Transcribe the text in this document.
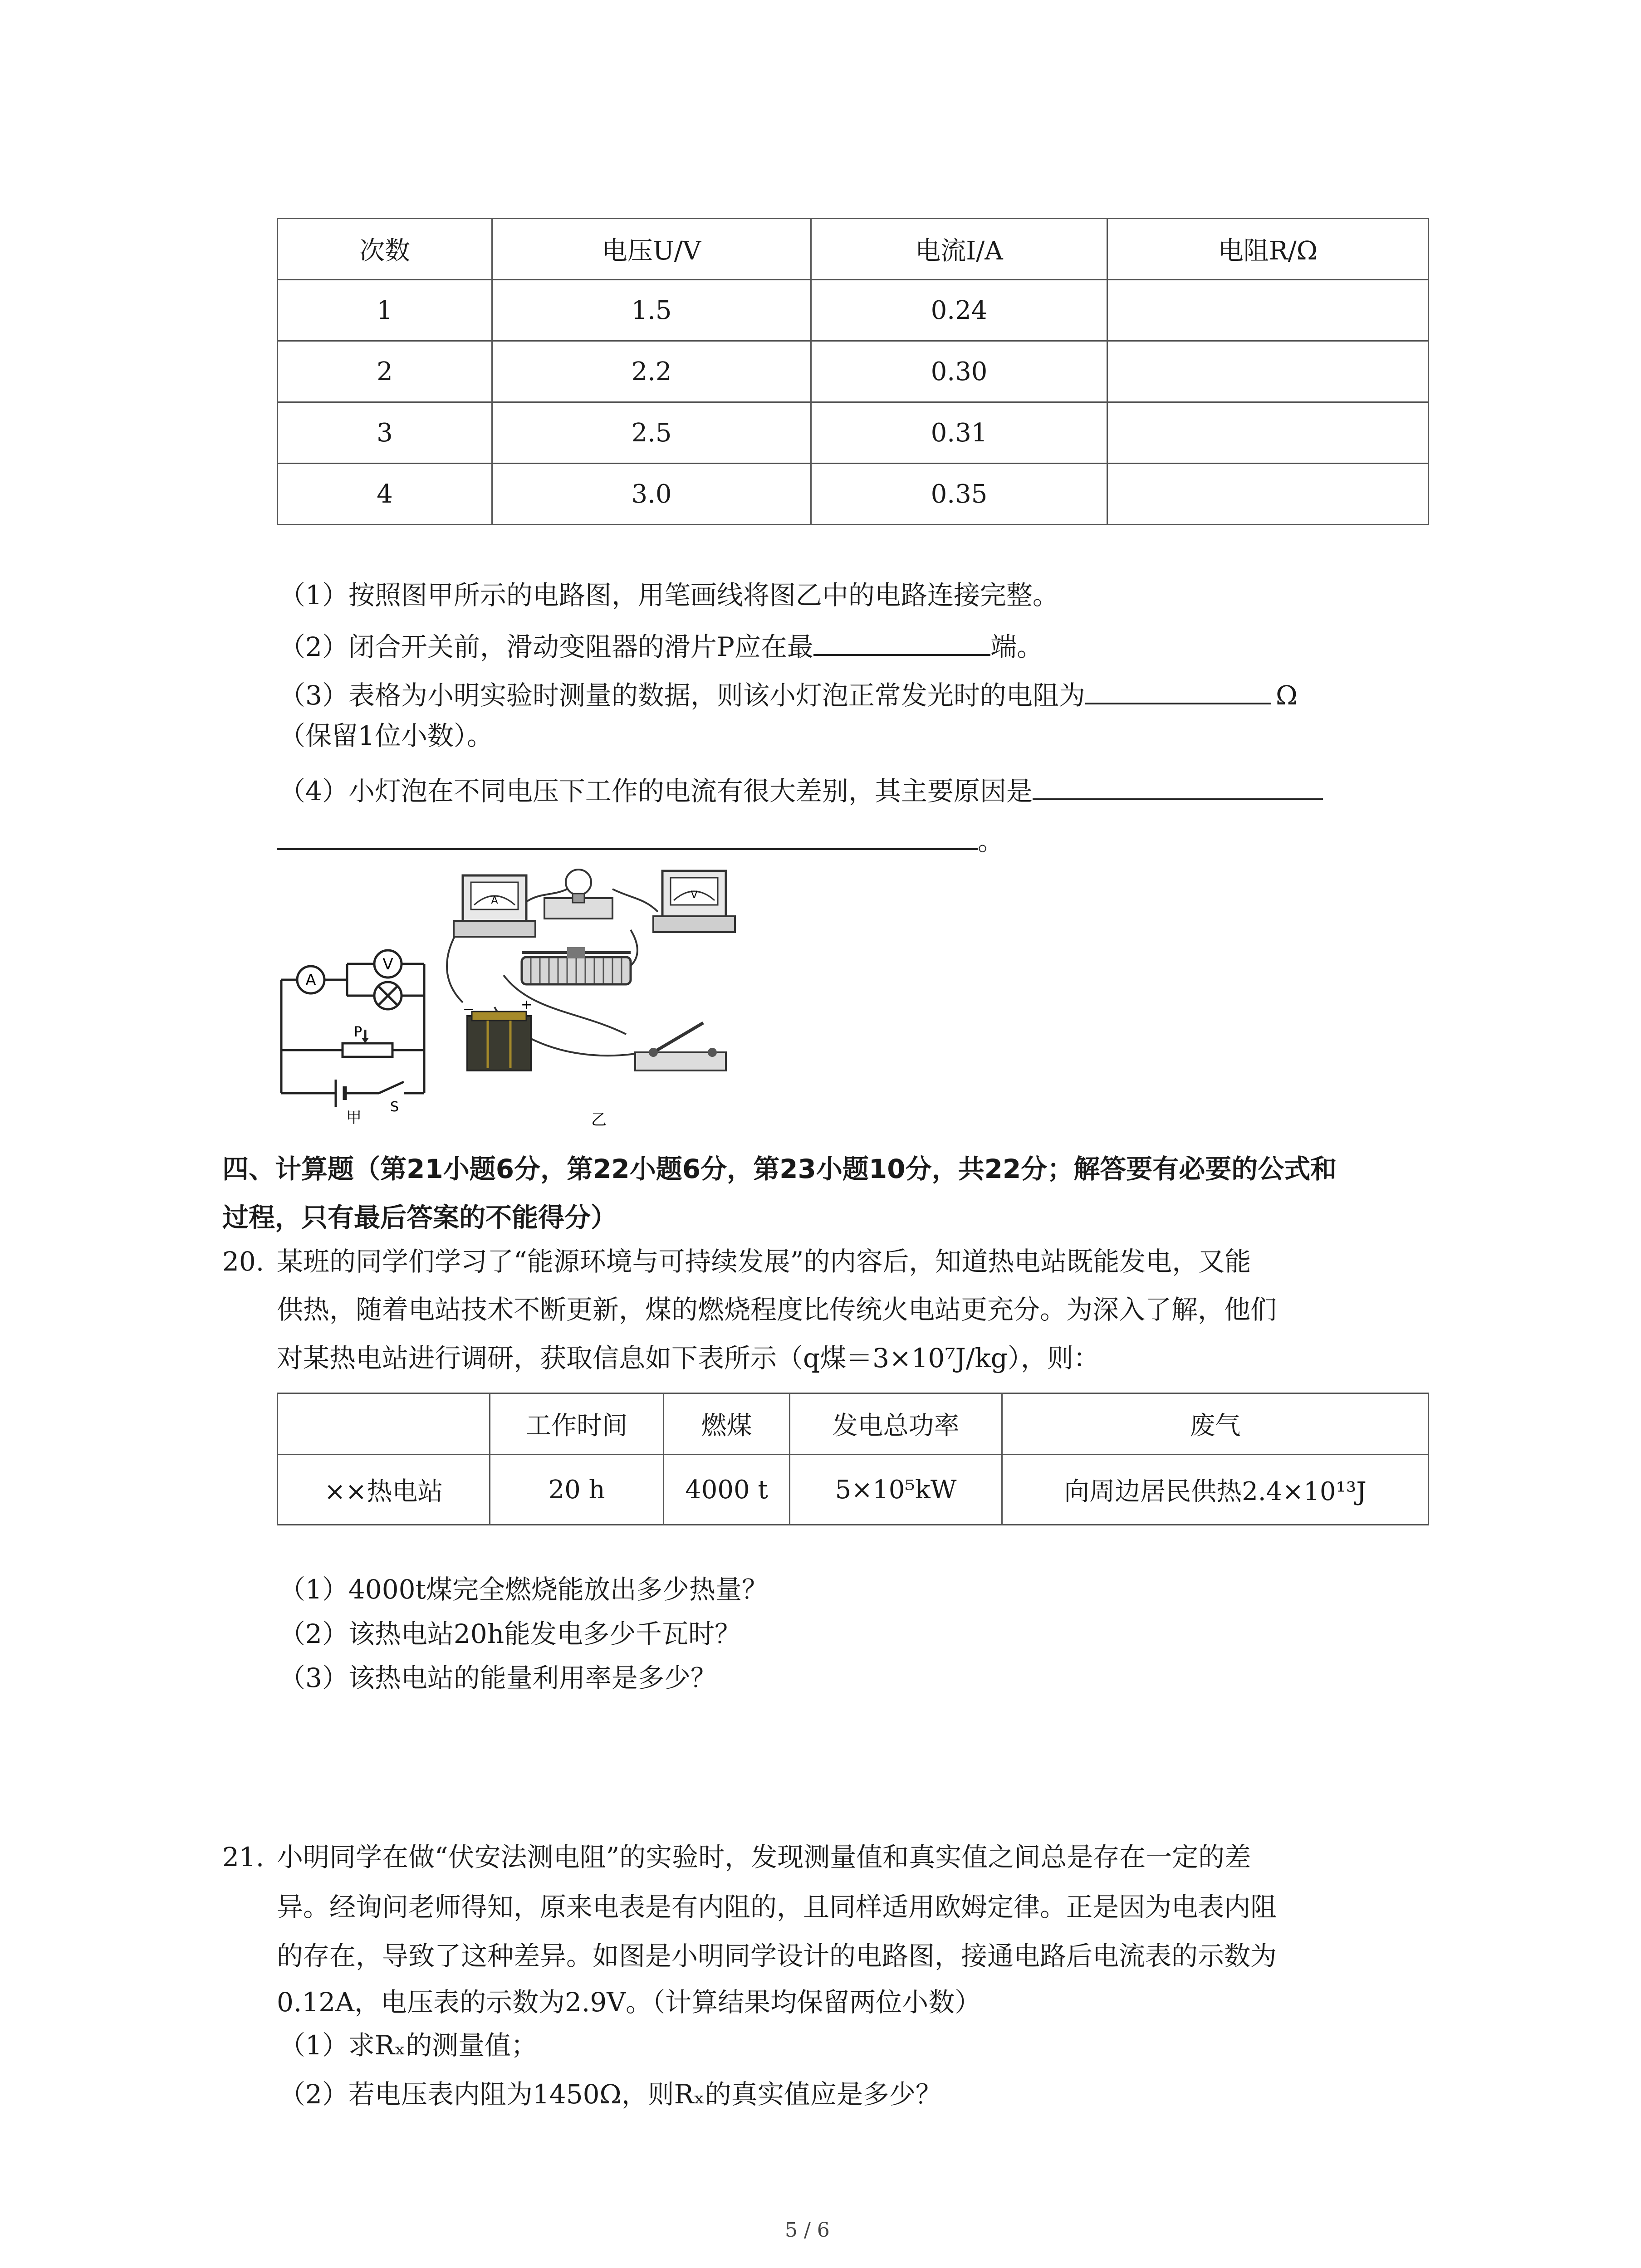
次数	电压U/V	电流I/A	电阻R/Ω
1	1.5	0.24	
2	2.2	0.30	
3	2.5	0.31	
4	3.0	0.35	
（1）按照图甲所示的电路图，用笔画线将图乙中的电路连接完整。
（2）闭合开关前，滑动变阻器的滑片P应在最	端。
（3）表格为小明实验时测量的数据，则该小灯泡正常发光时的电阻为	Ω
（保留1位小数）。
（4）小灯泡在不同电压下工作的电流有很大差别，其主要原因是
。
A
V
P
S
甲
A	V
−	+
乙
四、计算题（第21小题6分，第22小题6分，第23小题10分，共22分；解答要有必要的公式和
过程，只有最后答案的不能得分）
20. 某班的同学们学习了“能源环境与可持续发展”的内容后，知道热电站既能发电，又能
供热，随着电站技术不断更新，煤的燃烧程度比传统火电站更充分。为深入了解，他们
对某热电站进行调研，获取信息如下表所示（q煤＝3×10⁷J/kg），则：
	工作时间	燃煤	发电总功率	废气
××热电站	20 h	4000 t	5×10⁵kW	向周边居民供热2.4×10¹³J
（1）4000t煤完全燃烧能放出多少热量？
（2）该热电站20h能发电多少千瓦时？
（3）该热电站的能量利用率是多少？
21. 小明同学在做“伏安法测电阻”的实验时，发现测量值和真实值之间总是存在一定的差
异。经询问老师得知，原来电表是有内阻的，且同样适用欧姆定律。正是因为电表内阻
的存在，导致了这种差异。如图是小明同学设计的电路图，接通电路后电流表的示数为
0.12A，电压表的示数为2.9V。（计算结果均保留两位小数）
（1）求Rₓ的测量值；
（2）若电压表内阻为1450Ω，则Rₓ的真实值应是多少？
5 / 6
